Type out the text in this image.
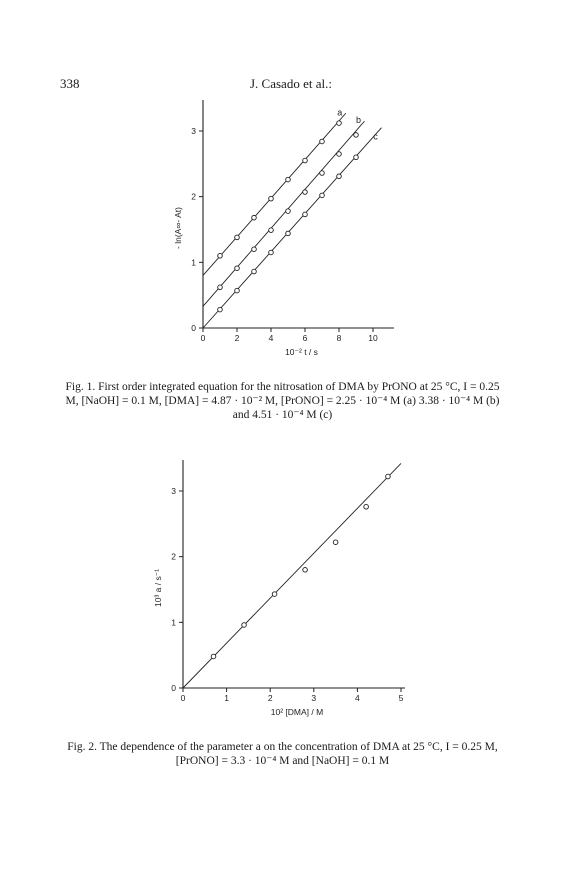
338	J. Casado et al.:
0	2	4	6	8	10
0
1
2
3
10⁻² t / s
- ln(A∞- At)
a
b
c
Fig. 1. First order integrated equation for the nitrosation of DMA by PrONO at 25 °C, I = 0.25 M, [NaOH] = 0.1 M, [DMA] = 4.87 · 10⁻² M, [PrONO] = 2.25 · 10⁻⁴ M (a) 3.38 · 10⁻⁴ M (b) and 4.51 · 10⁻⁴ M (c)
0	1	2	3	4	5
0
1
2
3
10² [DMA] / M
10³ a / s⁻¹
Fig. 2. The dependence of the parameter a on the concentration of DMA at 25 °C, I = 0.25 M, [PrONO] = 3.3 · 10⁻⁴ M and [NaOH] = 0.1 M
